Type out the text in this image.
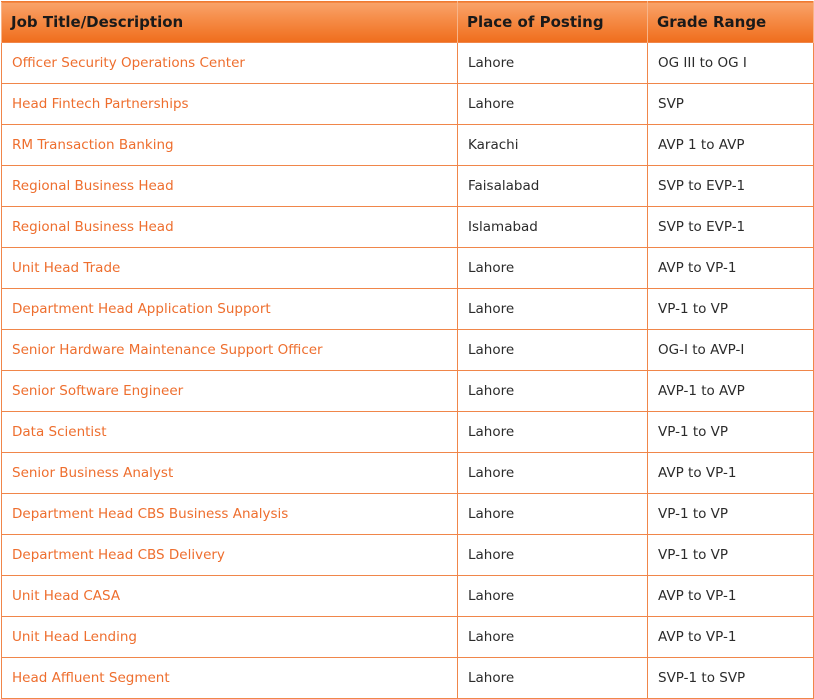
Job Title/Description	Place of Posting	Grade Range
Officer Security Operations Center	Lahore	OG III to OG I
Head Fintech Partnerships	Lahore	SVP
RM Transaction Banking	Karachi	AVP 1 to AVP
Regional Business Head	Faisalabad	SVP to EVP-1
Regional Business Head	Islamabad	SVP to EVP-1
Unit Head Trade	Lahore	AVP to VP-1
Department Head Application Support	Lahore	VP-1 to VP
Senior Hardware Maintenance Support Officer	Lahore	OG-I to AVP-I
Senior Software Engineer	Lahore	AVP-1 to AVP
Data Scientist	Lahore	VP-1 to VP
Senior Business Analyst	Lahore	AVP to VP-1
Department Head CBS Business Analysis	Lahore	VP-1 to VP
Department Head CBS Delivery	Lahore	VP-1 to VP
Unit Head CASA	Lahore	AVP to VP-1
Unit Head Lending	Lahore	AVP to VP-1
Head Affluent Segment	Lahore	SVP-1 to SVP
